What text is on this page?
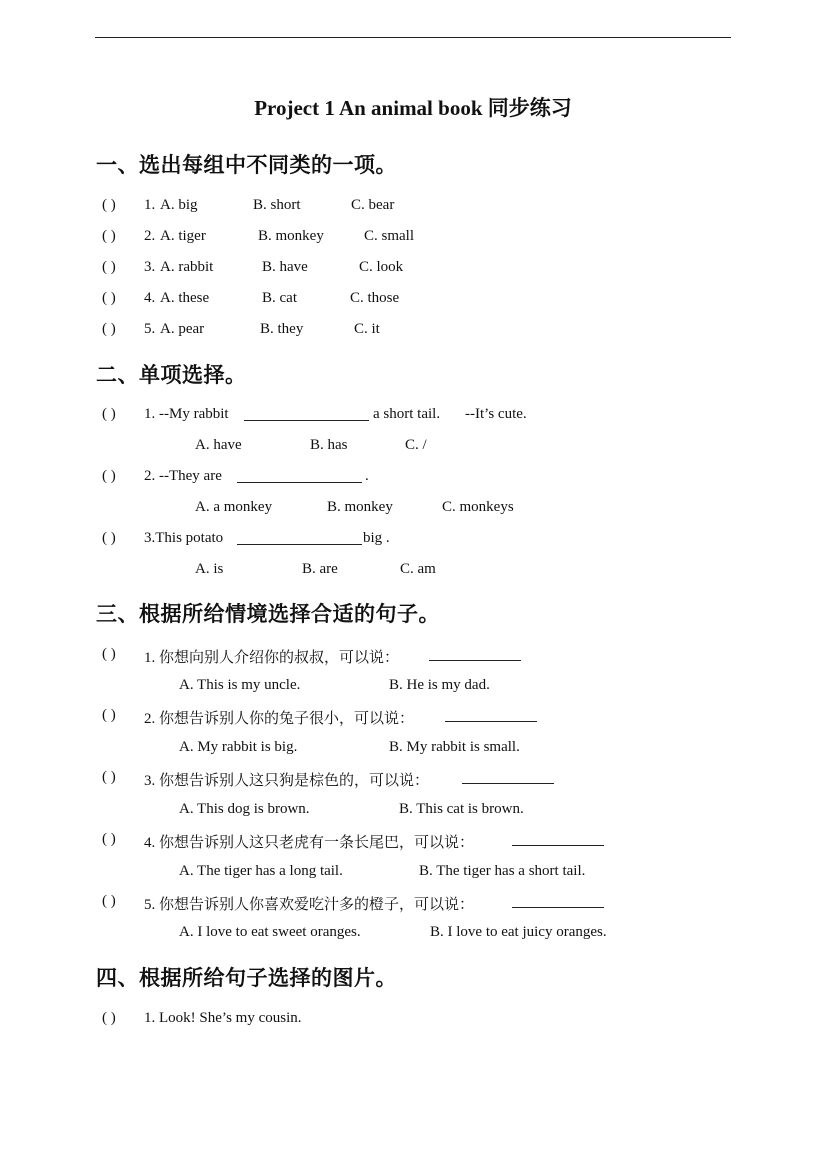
Project 1 An animal book 同步练习
一、选出每组中不同类的一项。
( ) 1. A. big	B. short	C. bear
( ) 2. A. tiger	B. monkey	C. small
( ) 3. A. rabbit	B. have	C. look
( ) 4. A. these	B. cat	C. those
( ) 5. A. pear	B. they	C. it
二、单项选择。
( ) 1. --My rabbit	a short tail. --It’s cute.
A. have	B. has	C. /
( ) 2. --They are	.
A. a monkey	B. monkey	C. monkeys
( ) 3.This potato	big .
A. is	B. are	C. am
三、根据所给情境选择合适的句子。
( ) 1. 你想向别人介绍你的叔叔，可以说：
A. This is my uncle.	B. He is my dad.
( ) 2. 你想告诉别人你的兔子很小，可以说：
A. My rabbit is big.	B. My rabbit is small.
( ) 3. 你想告诉别人这只狗是棕色的，可以说：
A. This dog is brown.	B. This cat is brown.
( ) 4. 你想告诉别人这只老虎有一条长尾巴，可以说：
A. The tiger has a long tail.	B. The tiger has a short tail.
( ) 5. 你想告诉别人你喜欢爱吃汁多的橙子，可以说：
A. I love to eat sweet oranges.	B. I love to eat juicy oranges.
四、根据所给句子选择的图片。
( ) 1. Look! She’s my cousin.
